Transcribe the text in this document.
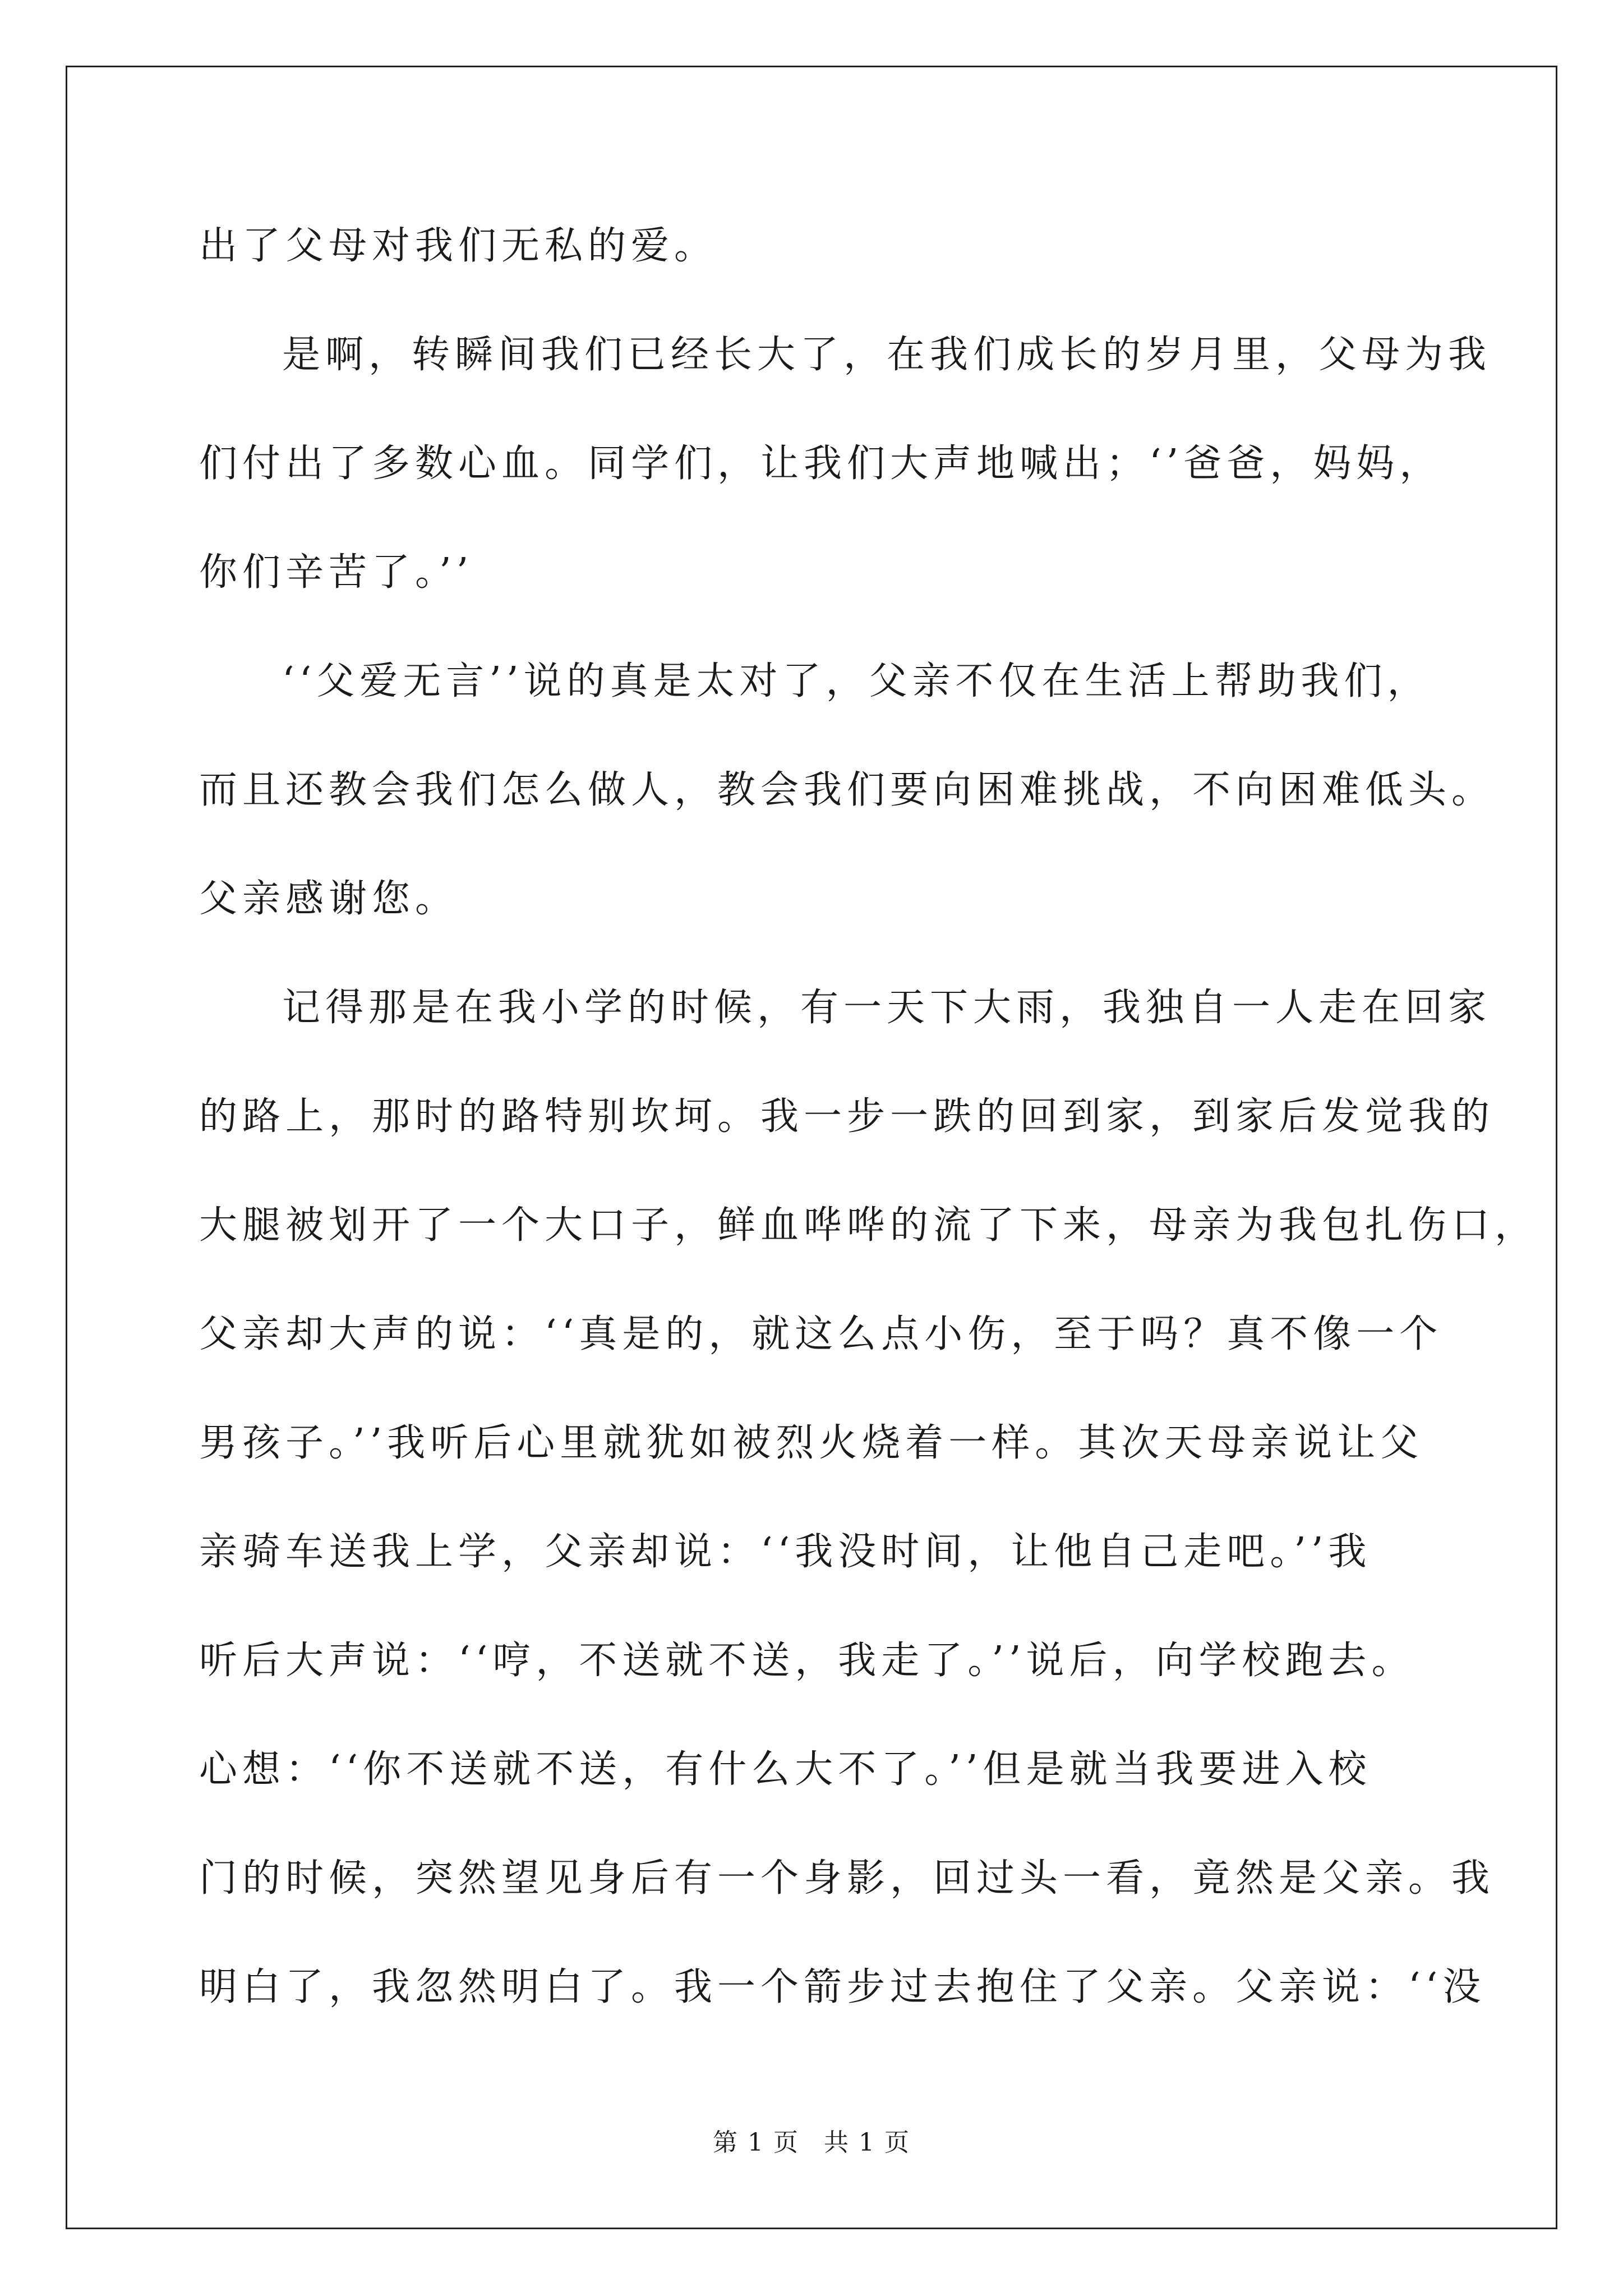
出了父母对我们无私的爱。
是啊，转瞬间我们已经长大了，在我们成长的岁月里，父母为我
们付出了多数心血。同学们，让我们大声地喊出；‘’爸爸，妈妈，
你们辛苦了。’’
‘‘父爱无言’’说的真是太对了，父亲不仅在生活上帮助我们，
而且还教会我们怎么做人，教会我们要向困难挑战，不向困难低头。
父亲感谢您。
记得那是在我小学的时候，有一天下大雨，我独自一人走在回家
的路上，那时的路特别坎坷。我一步一跌的回到家，到家后发觉我的
大腿被划开了一个大口子，鲜血哗哗的流了下来，母亲为我包扎伤口，
父亲却大声的说：‘‘真是的，就这么点小伤，至于吗？真不像一个
男孩子。’’我听后心里就犹如被烈火烧着一样。其次天母亲说让父
亲骑车送我上学，父亲却说：‘‘我没时间，让他自己走吧。’’我
听后大声说：‘‘哼，不送就不送，我走了。’’说后，向学校跑去。
心想：‘‘你不送就不送，有什么大不了。’’但是就当我要进入校
门的时候，突然望见身后有一个身影，回过头一看，竟然是父亲。我
明白了，我忽然明白了。我一个箭步过去抱住了父亲。父亲说：‘‘没
第 1 页 共 1 页
